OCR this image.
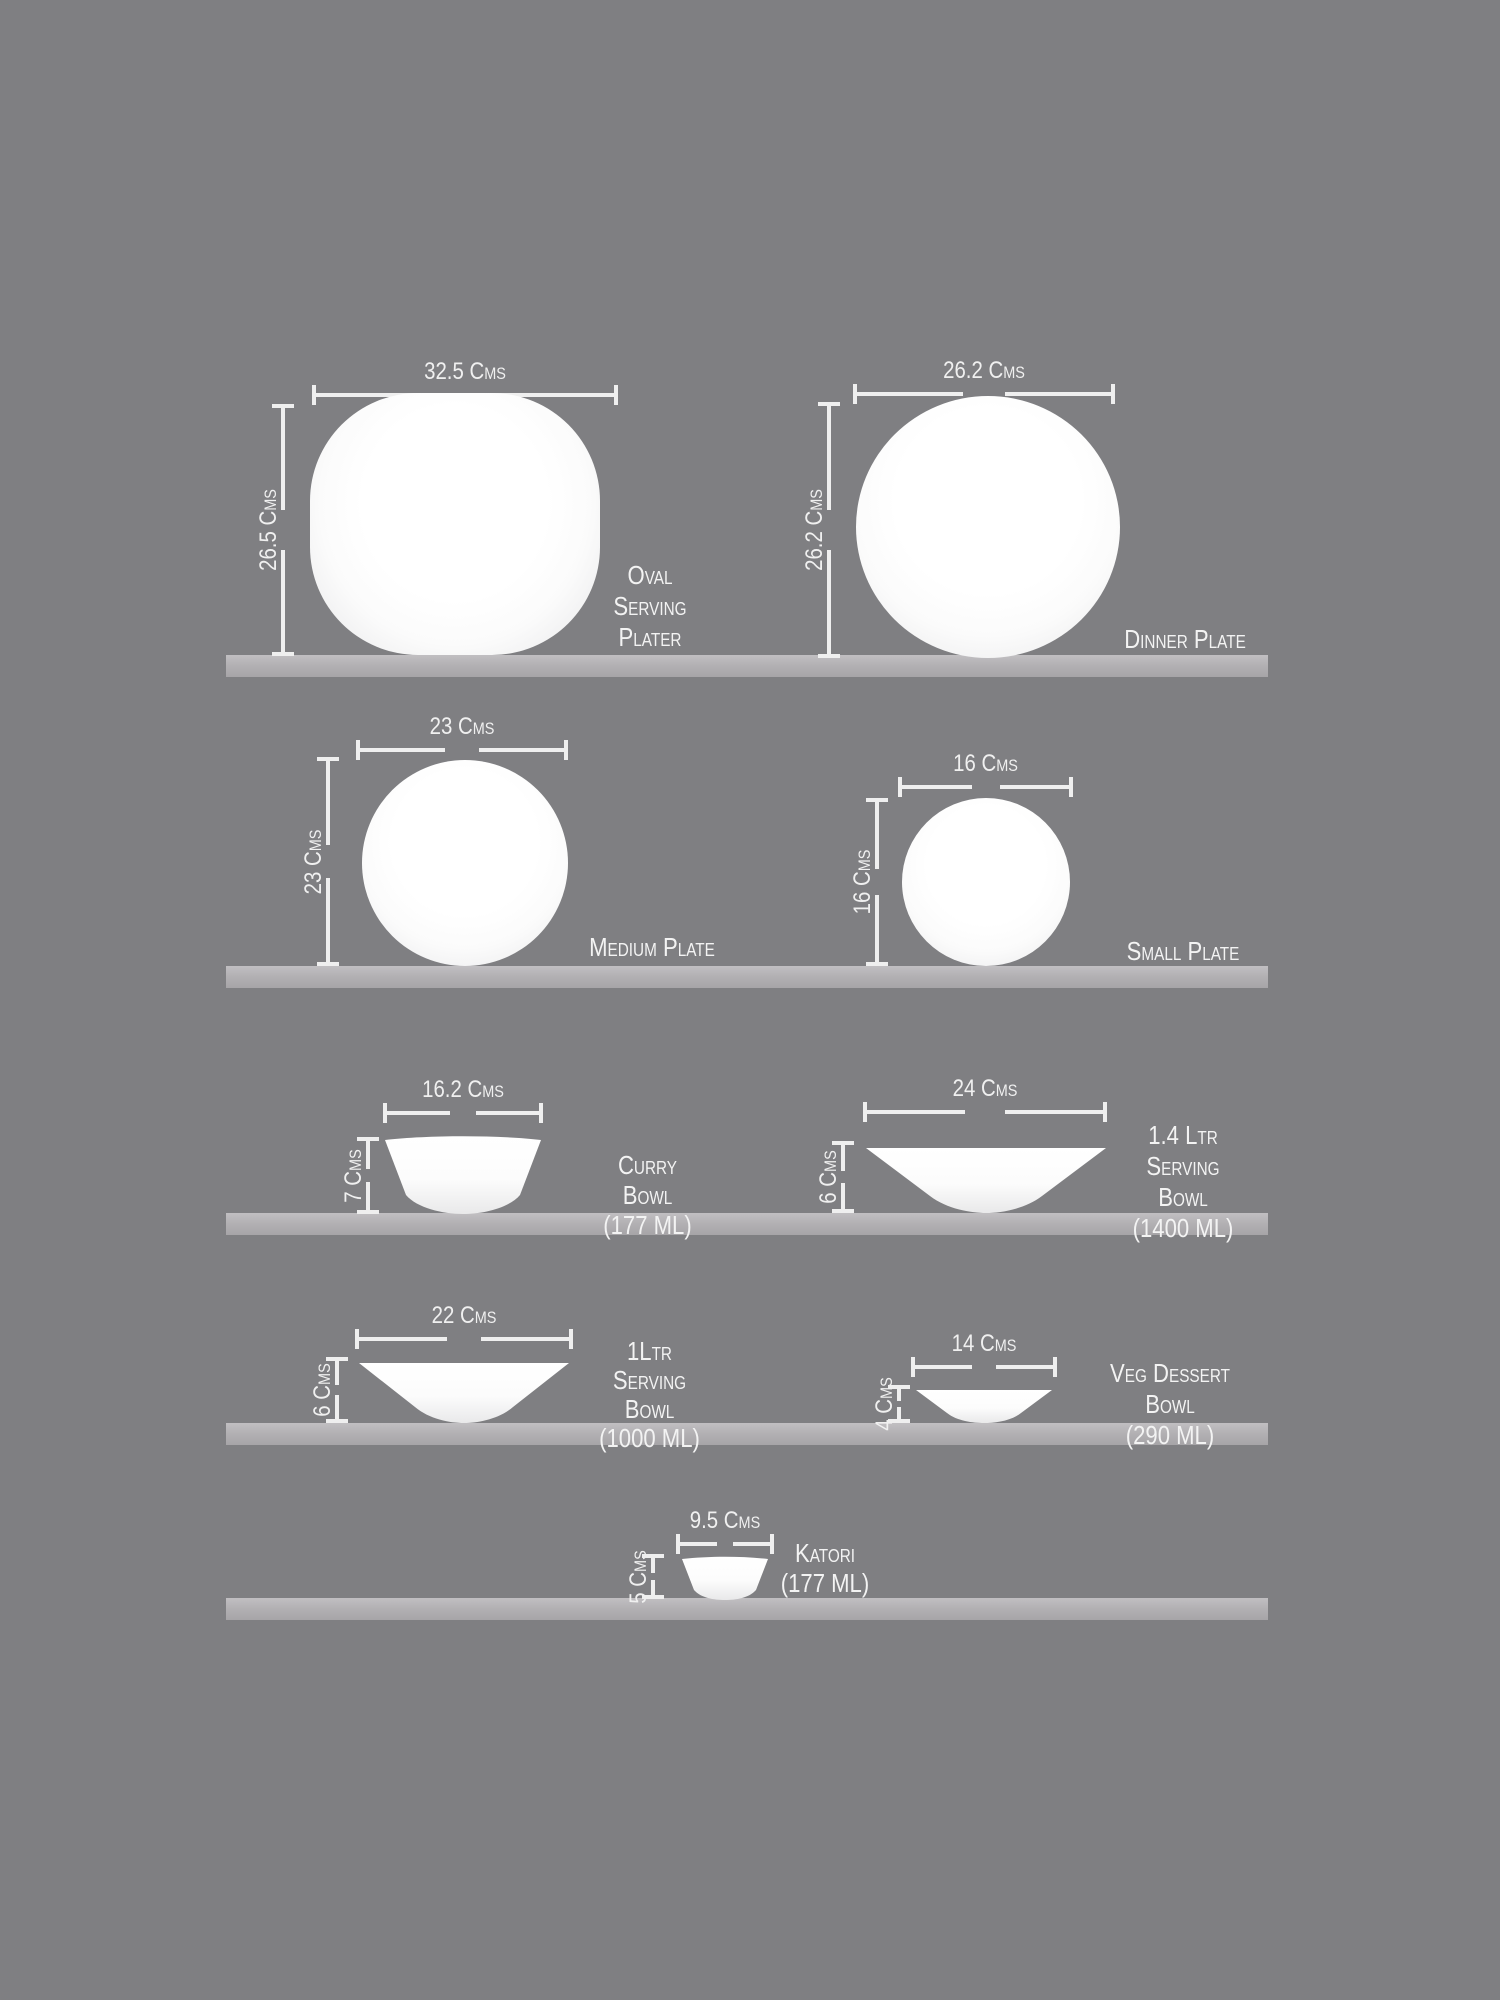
32.5 Cms
26.5 Cms
Oval
Serving
Plater
26.2 Cms
26.2 Cms
Dinner Plate
23 Cms
23 Cms
Medium Plate
16 Cms
16 Cms
Small Plate
16.2 Cms
7 Cms	Curry Bowl
(177 ML)
24 Cms
6 Cms
1.4 Ltr
Serving Bowl
(1400 ML)
22 Cms
6 Cms
1Ltr
Serving Bowl
(1000 ML)
14 Cms
4 Cms
Veg Dessert Bowl
(290 ML)
9.5 Cms
5 Cms	Katori
(177 ML)
